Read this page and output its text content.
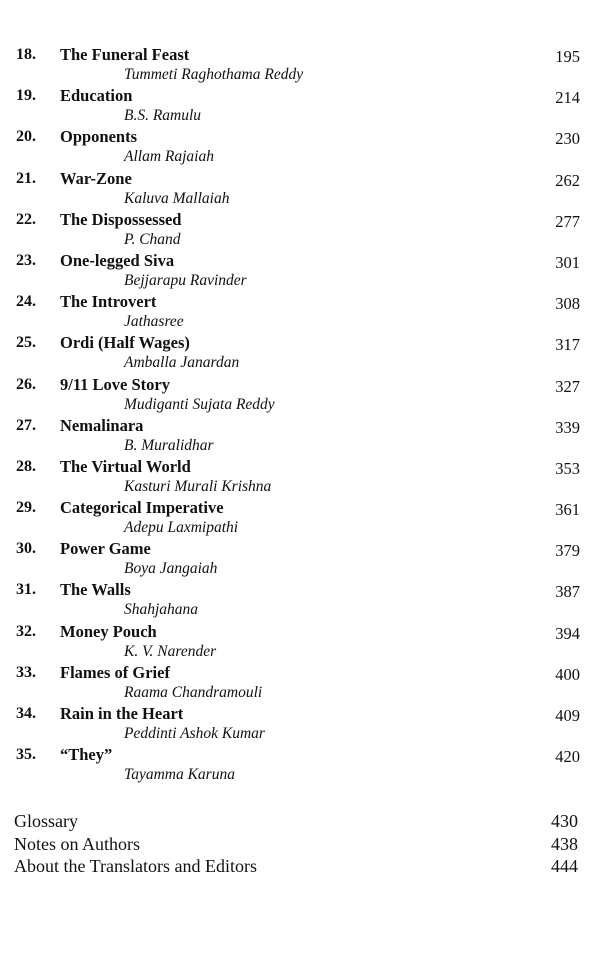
18. The Funeral Feast	195
Tummeti Raghothama Reddy
19. Education	214
B.S. Ramulu
20. Opponents	230
Allam Rajaiah
21. War-Zone	262
Kaluva Mallaiah
22. The Dispossessed	277
P. Chand
23. One-legged Siva	301
Bejjarapu Ravinder
24. The Introvert	308
Jathasree
25. Ordi (Half Wages)	317
Amballa Janardan
26. 9/11 Love Story	327
Mudiganti Sujata Reddy
27. Nemalinara	339
B. Muralidhar
28. The Virtual World	353
Kasturi Murali Krishna
29. Categorical Imperative	361
Adepu Laxmipathi
30. Power Game	379
Boya Jangaiah
31. The Walls	387
Shahjahana
32. Money Pouch	394
K. V. Narender
33. Flames of Grief	400
Raama Chandramouli
34. Rain in the Heart	409
Peddinti Ashok Kumar
35. “They”	420
Tayamma Karuna
Glossary	430
Notes on Authors	438
About the Translators and Editors	444
